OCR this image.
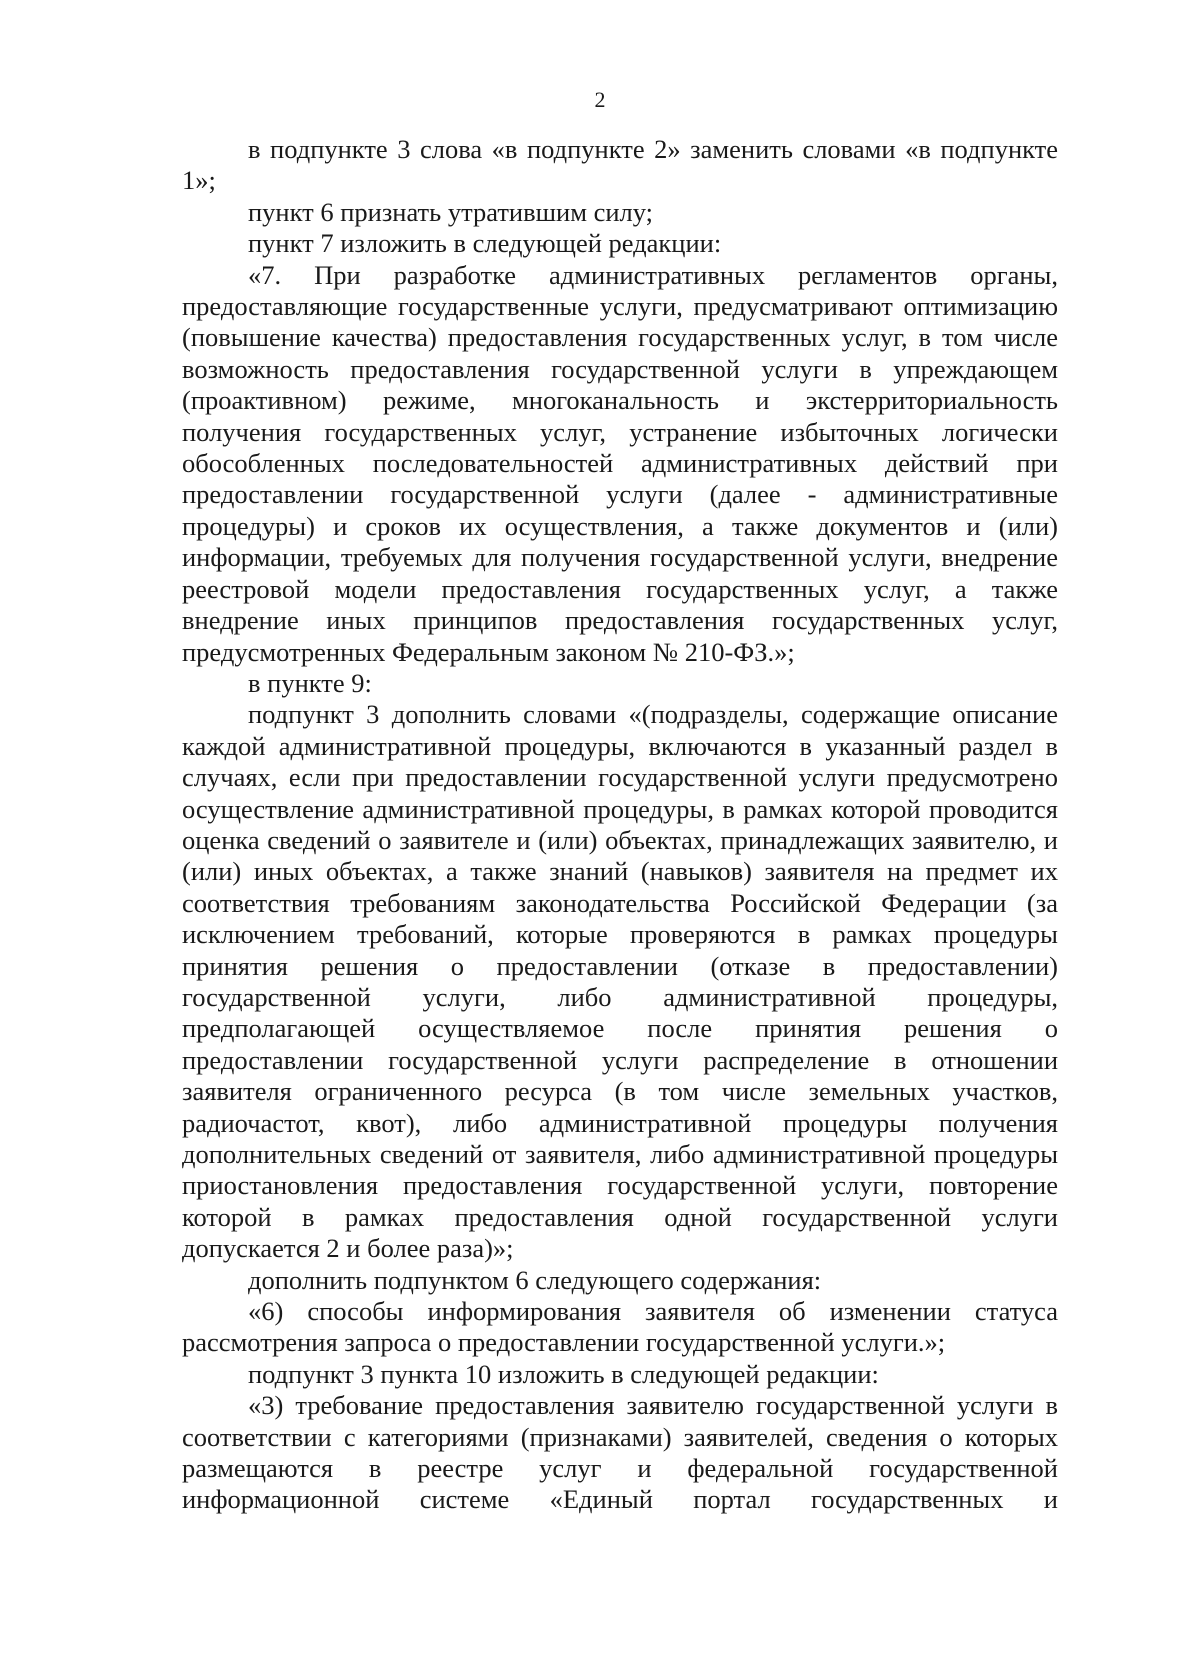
2

в подпункте 3 слова «в подпункте 2» заменить словами «в подпункте 1»;

пункт 6 признать утратившим силу;

пункт 7 изложить в следующей редакции:

«7. При разработке административных регламентов органы, предоставляющие государственные услуги, предусматривают оптимизацию (повышение качества) предоставления государственных услуг, в том числе возможность предоставления государственной услуги в упреждающем (проактивном) режиме, многоканальность и экстерриториальность получения государственных услуг, устранение избыточных логически обособленных последовательностей административных действий при предоставлении государственной услуги (далее - административные процедуры) и сроков их осуществления, а также документов и (или) информации, требуемых для получения государственной услуги, внедрение реестровой модели предоставления государственных услуг, а также внедрение иных принципов предоставления государственных услуг, предусмотренных Федеральным законом № 210-ФЗ.»;

в пункте 9:

подпункт 3 дополнить словами «(подразделы, содержащие описание каждой административной процедуры, включаются в указанный раздел в случаях, если при предоставлении государственной услуги предусмотрено осуществление административной процедуры, в рамках которой проводится оценка сведений о заявителе и (или) объектах, принадлежащих заявителю, и (или) иных объектах, а также знаний (навыков) заявителя на предмет их соответствия требованиям законодательства Российской Федерации (за исключением требований, которые проверяются в рамках процедуры принятия решения о предоставлении (отказе в предоставлении) государственной услуги, либо административной процедуры, предполагающей осуществляемое после принятия решения о предоставлении государственной услуги распределение в отношении заявителя ограниченного ресурса (в том числе земельных участков, радиочастот, квот), либо административной процедуры получения дополнительных сведений от заявителя, либо административной процедуры приостановления предоставления государственной услуги, повторение которой в рамках предоставления одной государственной услуги допускается 2 и более раза)»;

дополнить подпунктом 6 следующего содержания:

«6) способы информирования заявителя об изменении статуса рассмотрения запроса о предоставлении государственной услуги.»;

подпункт 3 пункта 10 изложить в следующей редакции:

«3) требование предоставления заявителю государственной услуги в соответствии с категориями (признаками) заявителей, сведения о которых размещаются в реестре услуг и федеральной государственной информационной системе «Единый портал государственных и
